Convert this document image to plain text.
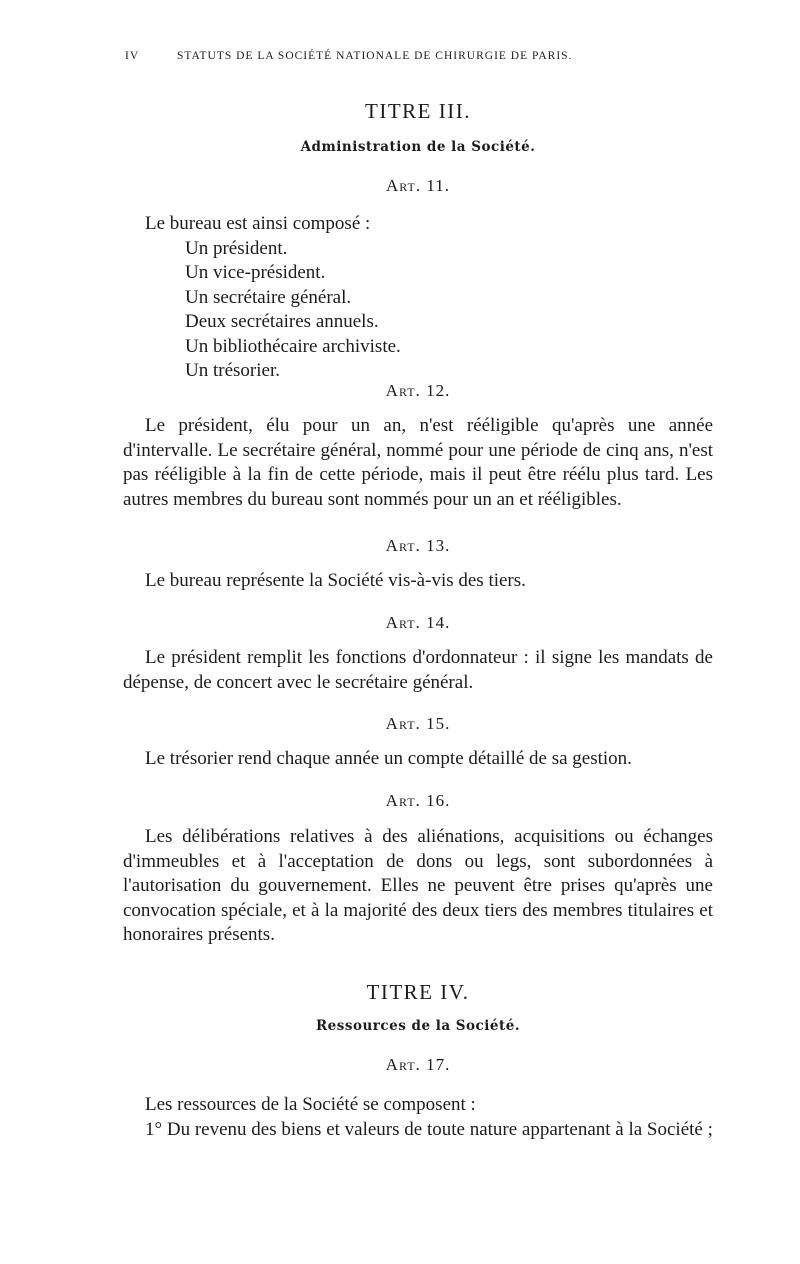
IV	STATUTS DE LA SOCIÉTÉ NATIONALE DE CHIRURGIE DE PARIS.
TITRE III.
Administration de la Société.
Art. 11.

Le bureau est ainsi composé :

Un président.

Un vice-président.

Un secrétaire général.

Deux secrétaires annuels.

Un bibliothécaire archiviste.

Un trésorier.

Art. 12.

Le président, élu pour un an, n'est rééligible qu'après une année d'intervalle. Le secrétaire général, nommé pour une période de cinq ans, n'est pas rééligible à la fin de cette période, mais il peut être réélu plus tard. Les autres membres du bureau sont nommés pour un an et rééligibles.

Art. 13.

Le bureau représente la Société vis-à-vis des tiers.

Art. 14.

Le président remplit les fonctions d'ordonnateur : il signe les mandats de dépense, de concert avec le secrétaire général.

Art. 15.

Le trésorier rend chaque année un compte détaillé de sa gestion.

Art. 16.

Les délibérations relatives à des aliénations, acquisitions ou échanges d'immeubles et à l'acceptation de dons ou legs, sont subordonnées à l'autorisation du gouvernement. Elles ne peuvent être prises qu'après une convocation spéciale, et à la majorité des deux tiers des membres titulaires et honoraires présents.

TITRE IV.
Ressources de la Société.
Art. 17.

Les ressources de la Société se composent :

1° Du revenu des biens et valeurs de toute nature appartenant à la Société ;
